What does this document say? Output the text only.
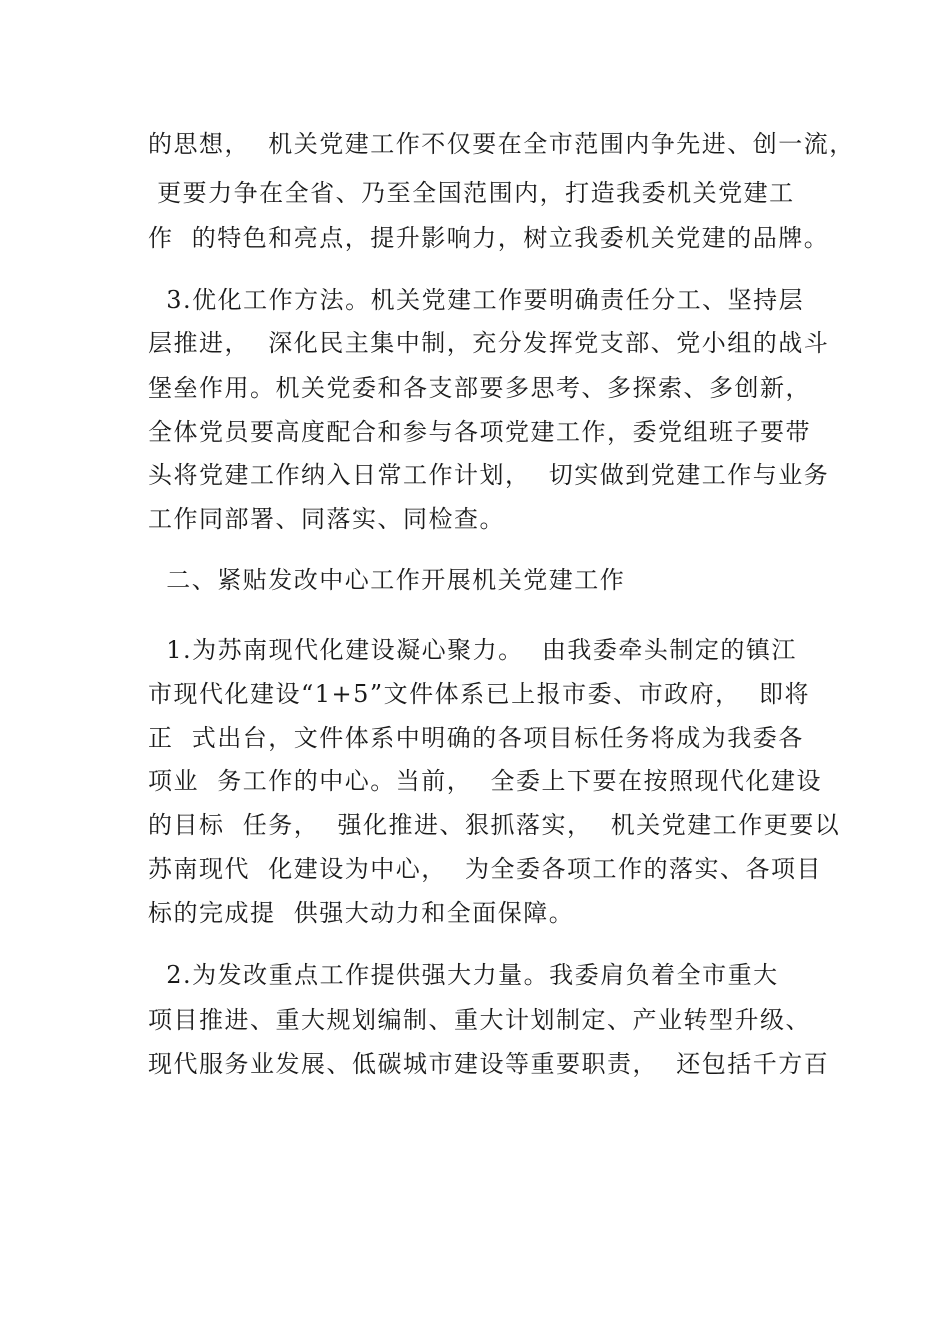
的思想，  机关党建工作不仅要在全市范围内争先进、创一流，

更要力争在全省、乃至全国范围内，打造我委机关党建工

作  的特色和亮点，提升影响力，树立我委机关党建的品牌。

3.优化工作方法。机关党建工作要明确责任分工、坚持层

层推进，  深化民主集中制，充分发挥党支部、党小组的战斗

堡垒作用。机关党委和各支部要多思考、多探索、多创新，

全体党员要高度配合和参与各项党建工作，委党组班子要带

头将党建工作纳入日常工作计划，  切实做到党建工作与业务

工作同部署、同落实、同检查。

二、紧贴发改中心工作开展机关党建工作

1.为苏南现代化建设凝心聚力。  由我委牵头制定的镇江

市现代化建设“1+5”文件体系已上报市委、市政府，  即将

正  式出台，文件体系中明确的各项目标任务将成为我委各

项业  务工作的中心。当前，  全委上下要在按照现代化建设

的目标  任务，  强化推进、狠抓落实，  机关党建工作更要以

苏南现代  化建设为中心，  为全委各项工作的落实、各项目

标的完成提  供强大动力和全面保障。

2.为发改重点工作提供强大力量。我委肩负着全市重大

项目推进、重大规划编制、重大计划制定、产业转型升级、

现代服务业发展、低碳城市建设等重要职责，  还包括千方百
